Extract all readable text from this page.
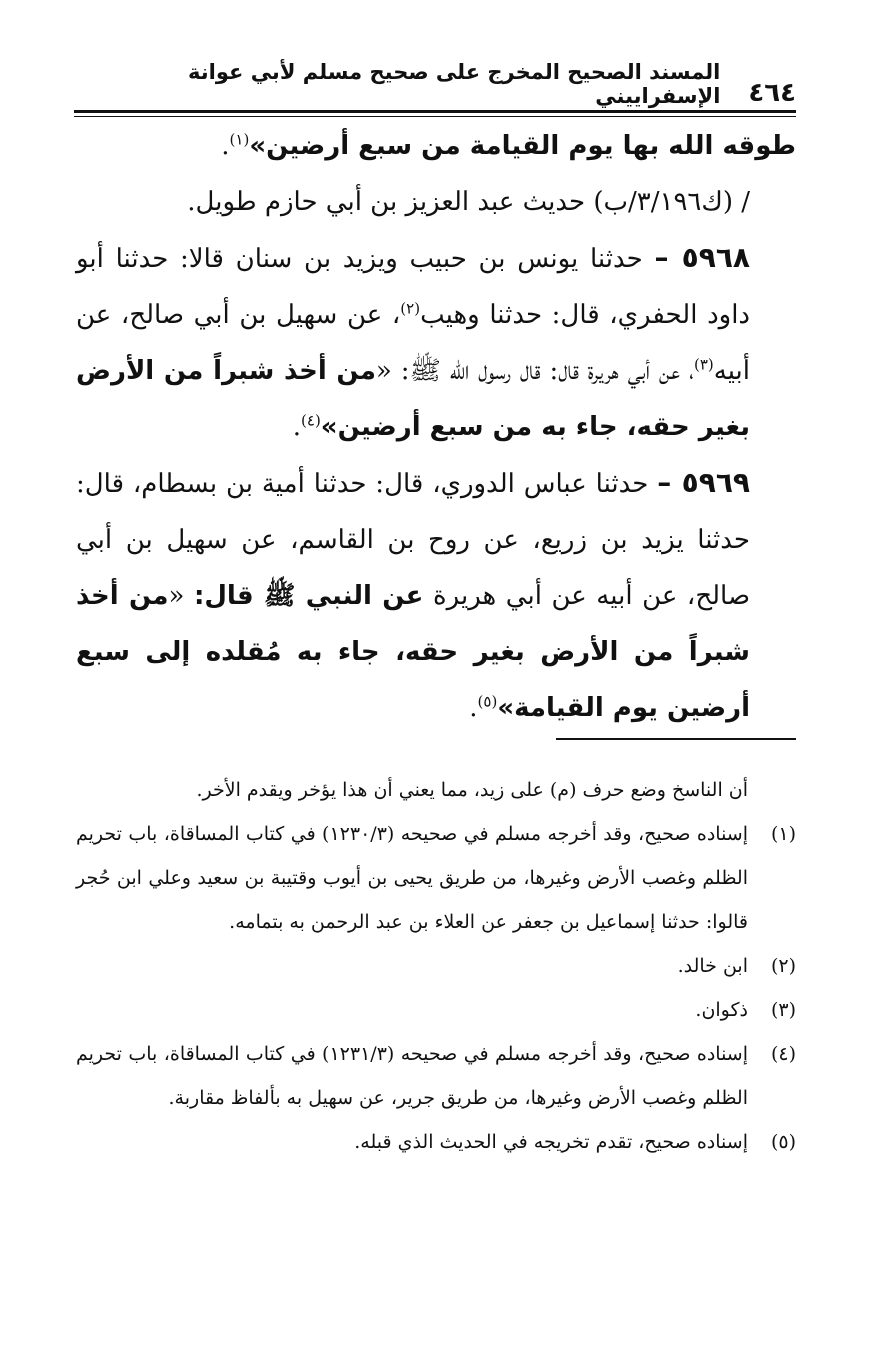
٤٦٤
المسند الصحيح المخرج على صحيح مسلم لأبي عوانة الإسفراييني

طوقه الله بها يوم القيامة من سبع أرضين»$^{(١)}$.

/ (ك٣/١٩٦/ب) حديث عبد العزيز بن أبي حازم طويل.

٥٩٦٨ – حدثنا يونس بن حبيب ويزيد بن سنان قالا: حدثنا أبو داود الحفري، قال: حدثنا وهيب$^{(٢)}$، عن سهيل بن أبي صالح، عن أبيه$^{(٣)}$، عن أبي هريرة قال: قال رسول الله ﷺ: «من أخذ شبراً من الأرض بغير حقه، جاء به من سبع أرضين»$^{(٤)}$.

٥٩٦٩ – حدثنا عباس الدوري، قال: حدثنا أمية بن بسطام، قال: حدثنا يزيد بن زريع، عن روح بن القاسم، عن سهيل بن أبي صالح، عن أبيه عن أبي هريرة عن النبي ﷺ قال: «من أخذ شبراً من الأرض بغير حقه، جاء به مُقلده إلى سبع أرضين يوم القيامة»$^{(٥)}$.

أن الناسخ وضع حرف (م) على زيد، مما يعني أن هذا يؤخر ويقدم الأخر.

(١)إسناده صحيح، وقد أخرجه مسلم في صحيحه (١٢٣٠/٣) في كتاب المساقاة، باب تحريم الظلم وغصب الأرض وغيرها، من طريق يحيى بن أيوب وقتيبة بن سعيد وعلي ابن حُجر قالوا: حدثنا إسماعيل بن جعفر عن العلاء بن عبد الرحمن به بتمامه.

(٢)ابن خالد.

(٣)ذكوان.

(٤)إسناده صحيح، وقد أخرجه مسلم في صحيحه (١٢٣١/٣) في كتاب المساقاة، باب تحريم الظلم وغصب الأرض وغيرها، من طريق جرير، عن سهيل به بألفاظ مقاربة.

(٥)إسناده صحيح، تقدم تخريجه في الحديث الذي قبله.
